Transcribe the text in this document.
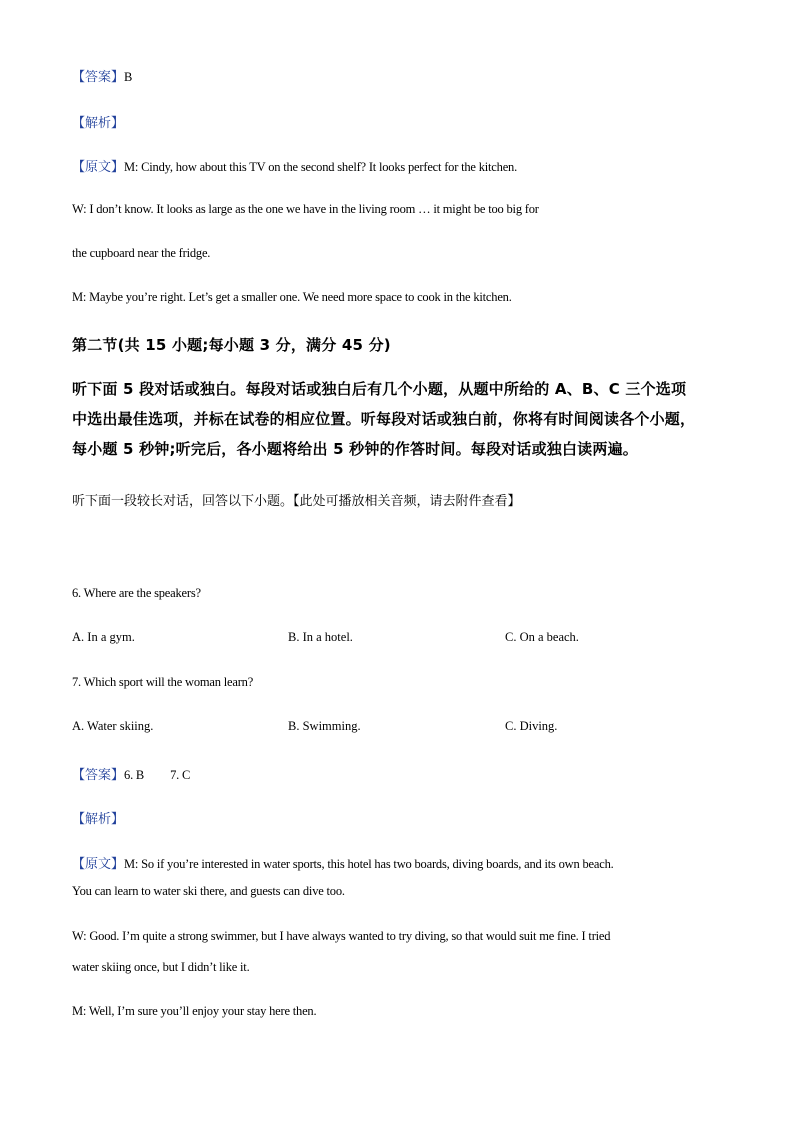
【答案】B
【解析】
【原文】M: Cindy, how about this TV on the second shelf? It looks perfect for the kitchen.
W: I don’t know. It looks as large as the one we have in the living room … it might be too big for
the cupboard near the fridge.
M: Maybe you’re right. Let’s get a smaller one. We need more space to cook in the kitchen.
第二节(共 15 小题;每小题 3 分，满分 45 分)
听下面 5 段对话或独白。每段对话或独白后有几个小题，从题中所给的 A、B、C 三个选项
中选出最佳选项，并标在试卷的相应位置。听每段对话或独白前，你将有时间阅读各个小题，
每小题 5 秒钟;听完后，各小题将给出 5 秒钟的作答时间。每段对话或独白读两遍。
听下面一段较长对话，回答以下小题。【此处可播放相关音频，请去附件查看】
6. Where are the speakers?
A. In a gym.	B. In a hotel.	C. On a beach.
7. Which sport will the woman learn?
A. Water skiing.	B. Swimming.	C. Diving.
【答案】6. B 7. C
【解析】
【原文】M: So if you’re interested in water sports, this hotel has two boards, diving boards, and its own beach.
You can learn to water ski there, and guests can dive too.
W: Good. I’m quite a strong swimmer, but I have always wanted to try diving, so that would suit me fine. I tried
water skiing once, but I didn’t like it.
M: Well, I’m sure you’ll enjoy your stay here then.
